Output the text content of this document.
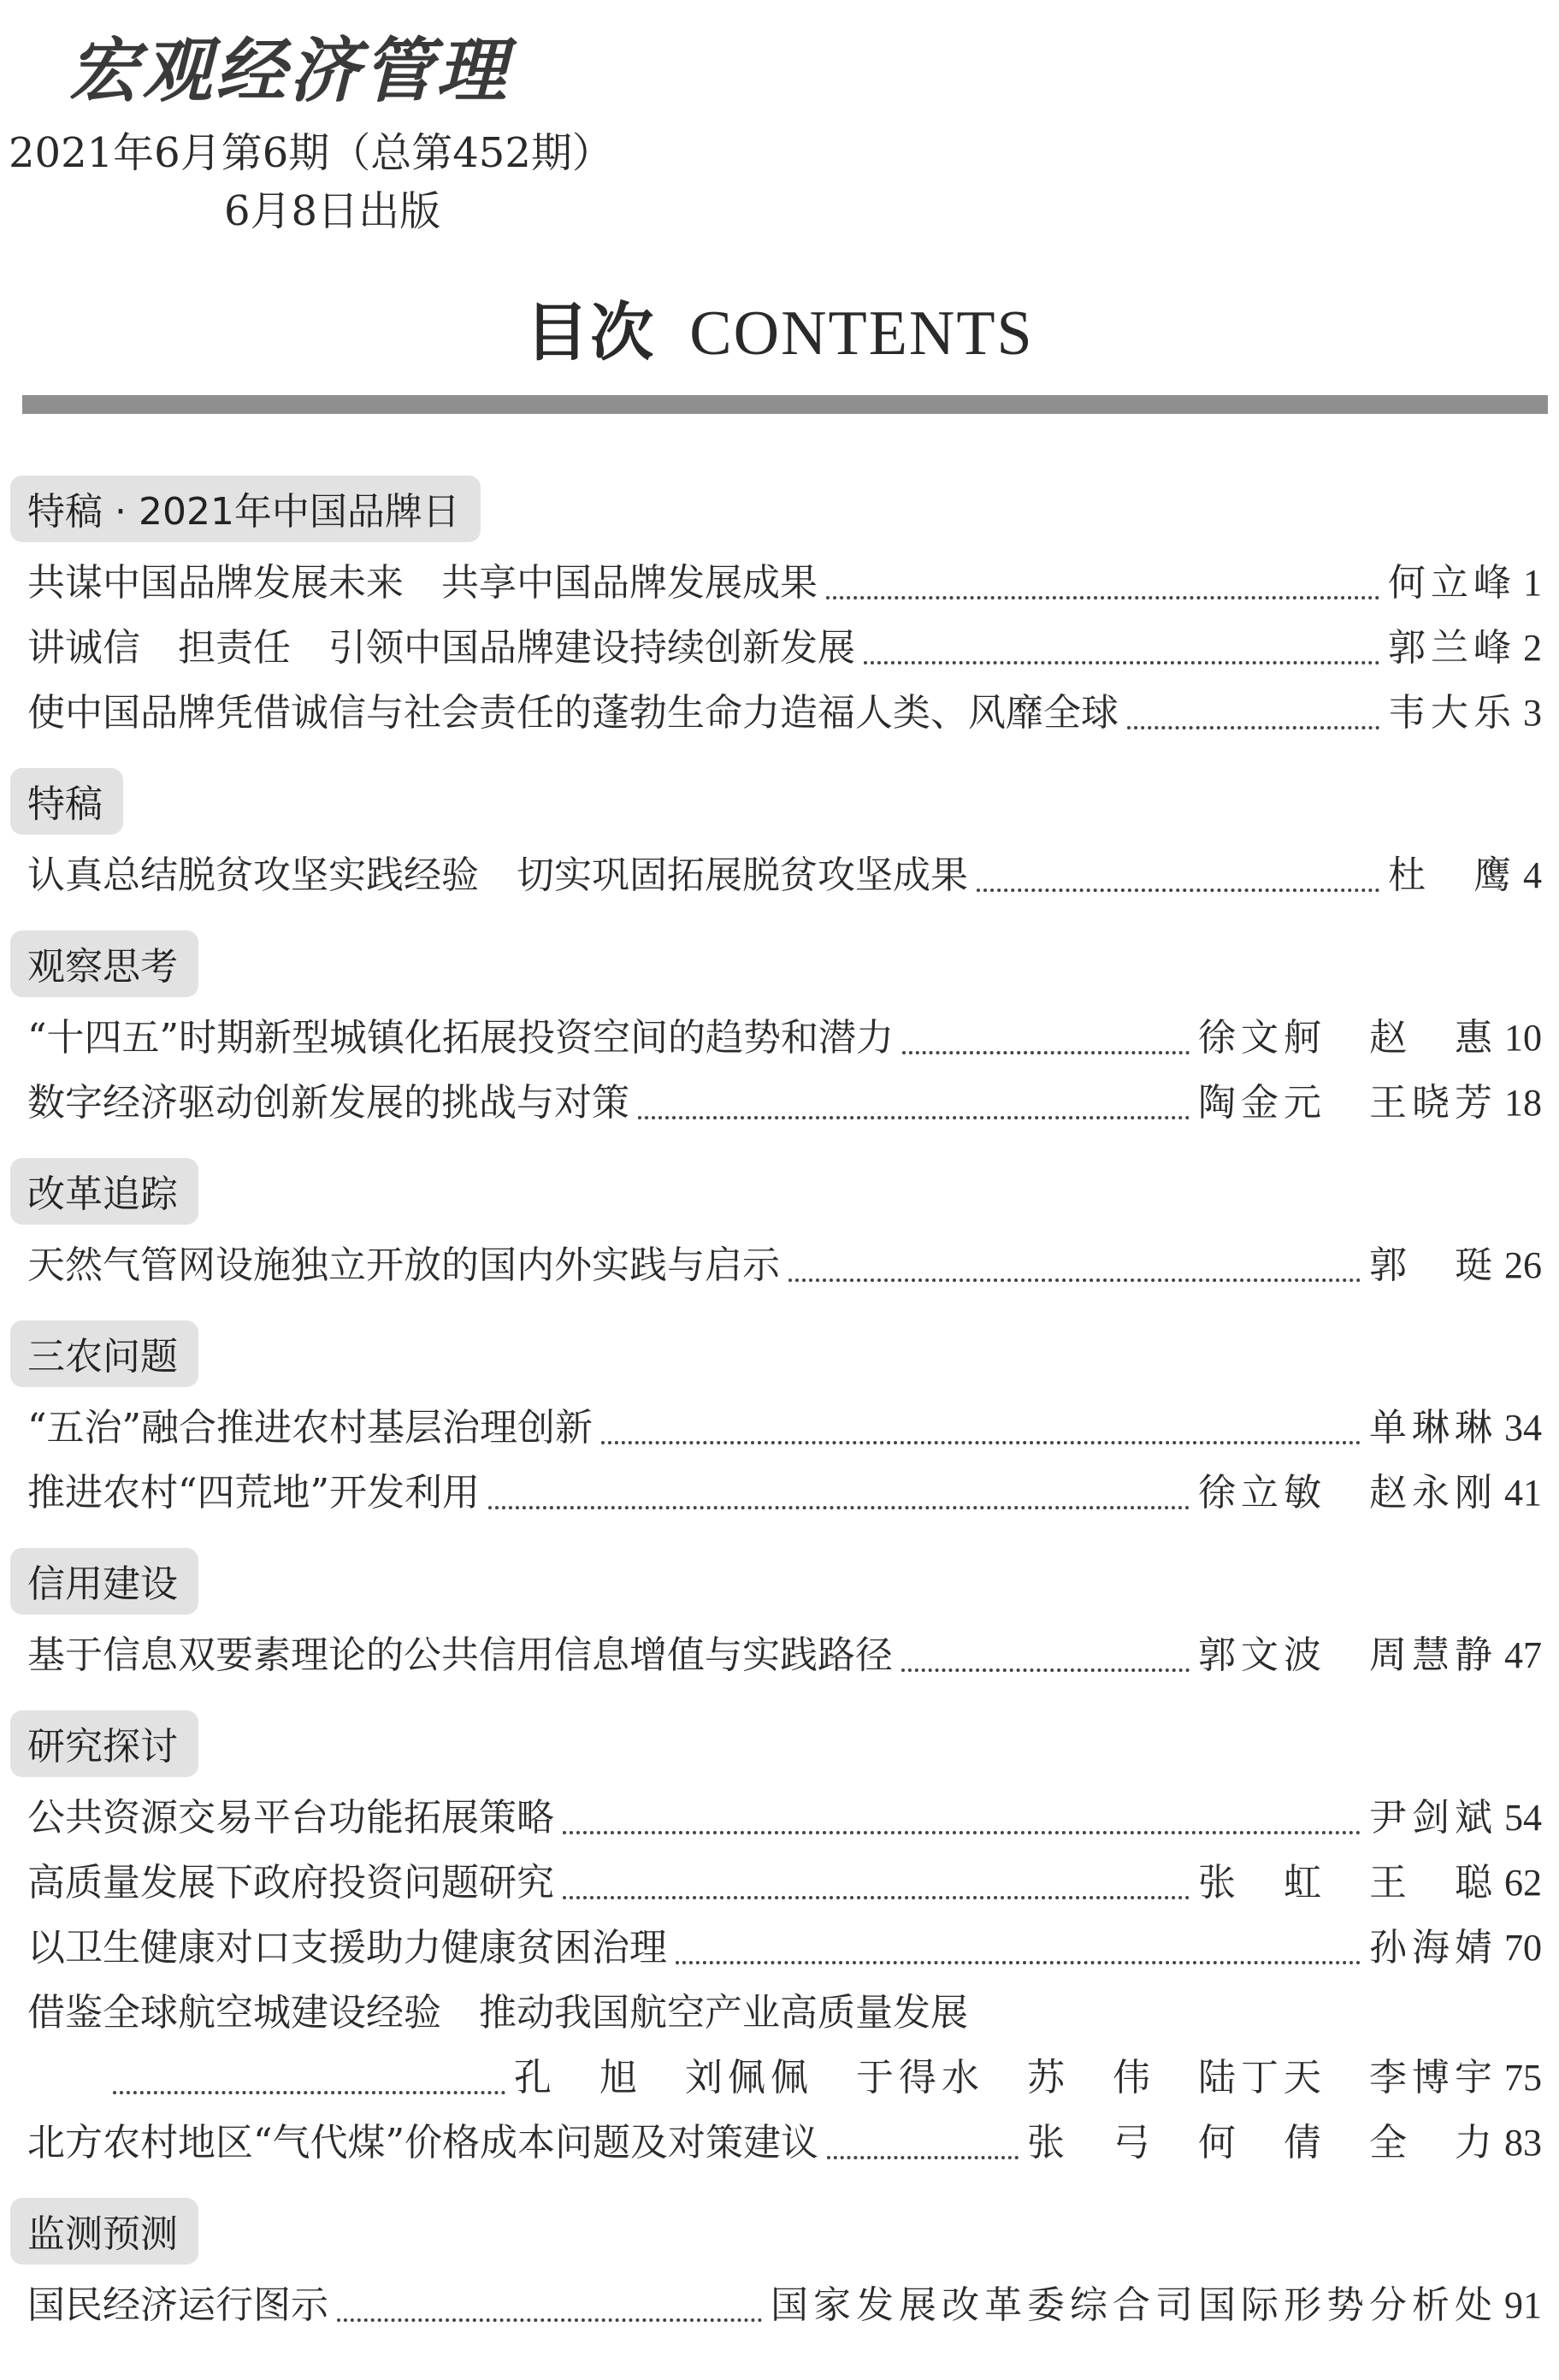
宏观经济管理
2021年6月第6期（总第452期）
6月8日出版
目次 CONTENTS
特稿 · 2021年中国品牌日
共谋中国品牌发展未来　共享中国品牌发展成果	何立峰 1
讲诚信　担责任　引领中国品牌建设持续创新发展	郭兰峰 2
使中国品牌凭借诚信与社会责任的蓬勃生命力造福人类、风靡全球	韦大乐 3
特稿
认真总结脱贫攻坚实践经验　切实巩固拓展脱贫攻坚成果	杜　鹰 4
观察思考
“十四五”时期新型城镇化拓展投资空间的趋势和潜力	徐文舸　赵　惠 10
数字经济驱动创新发展的挑战与对策	陶金元　王晓芳 18
改革追踪
天然气管网设施独立开放的国内外实践与启示	郭　珽 26
三农问题
“五治”融合推进农村基层治理创新	单琳琳 34
推进农村“四荒地”开发利用	徐立敏　赵永刚 41
信用建设
基于信息双要素理论的公共信用信息增值与实践路径	郭文波　周慧静 47
研究探讨
公共资源交易平台功能拓展策略	尹剑斌 54
高质量发展下政府投资问题研究	张　虹　王　聪 62
以卫生健康对口支援助力健康贫困治理	孙海婧 70
借鉴全球航空城建设经验　推动我国航空产业高质量发展
孔　旭　刘佩佩　于得水　苏　伟　陆丁天　李博宇 75
北方农村地区“气代煤”价格成本问题及对策建议	张　弓　何　倩　全　力 83
监测预测
国民经济运行图示	国家发展改革委综合司国际形势分析处 91
